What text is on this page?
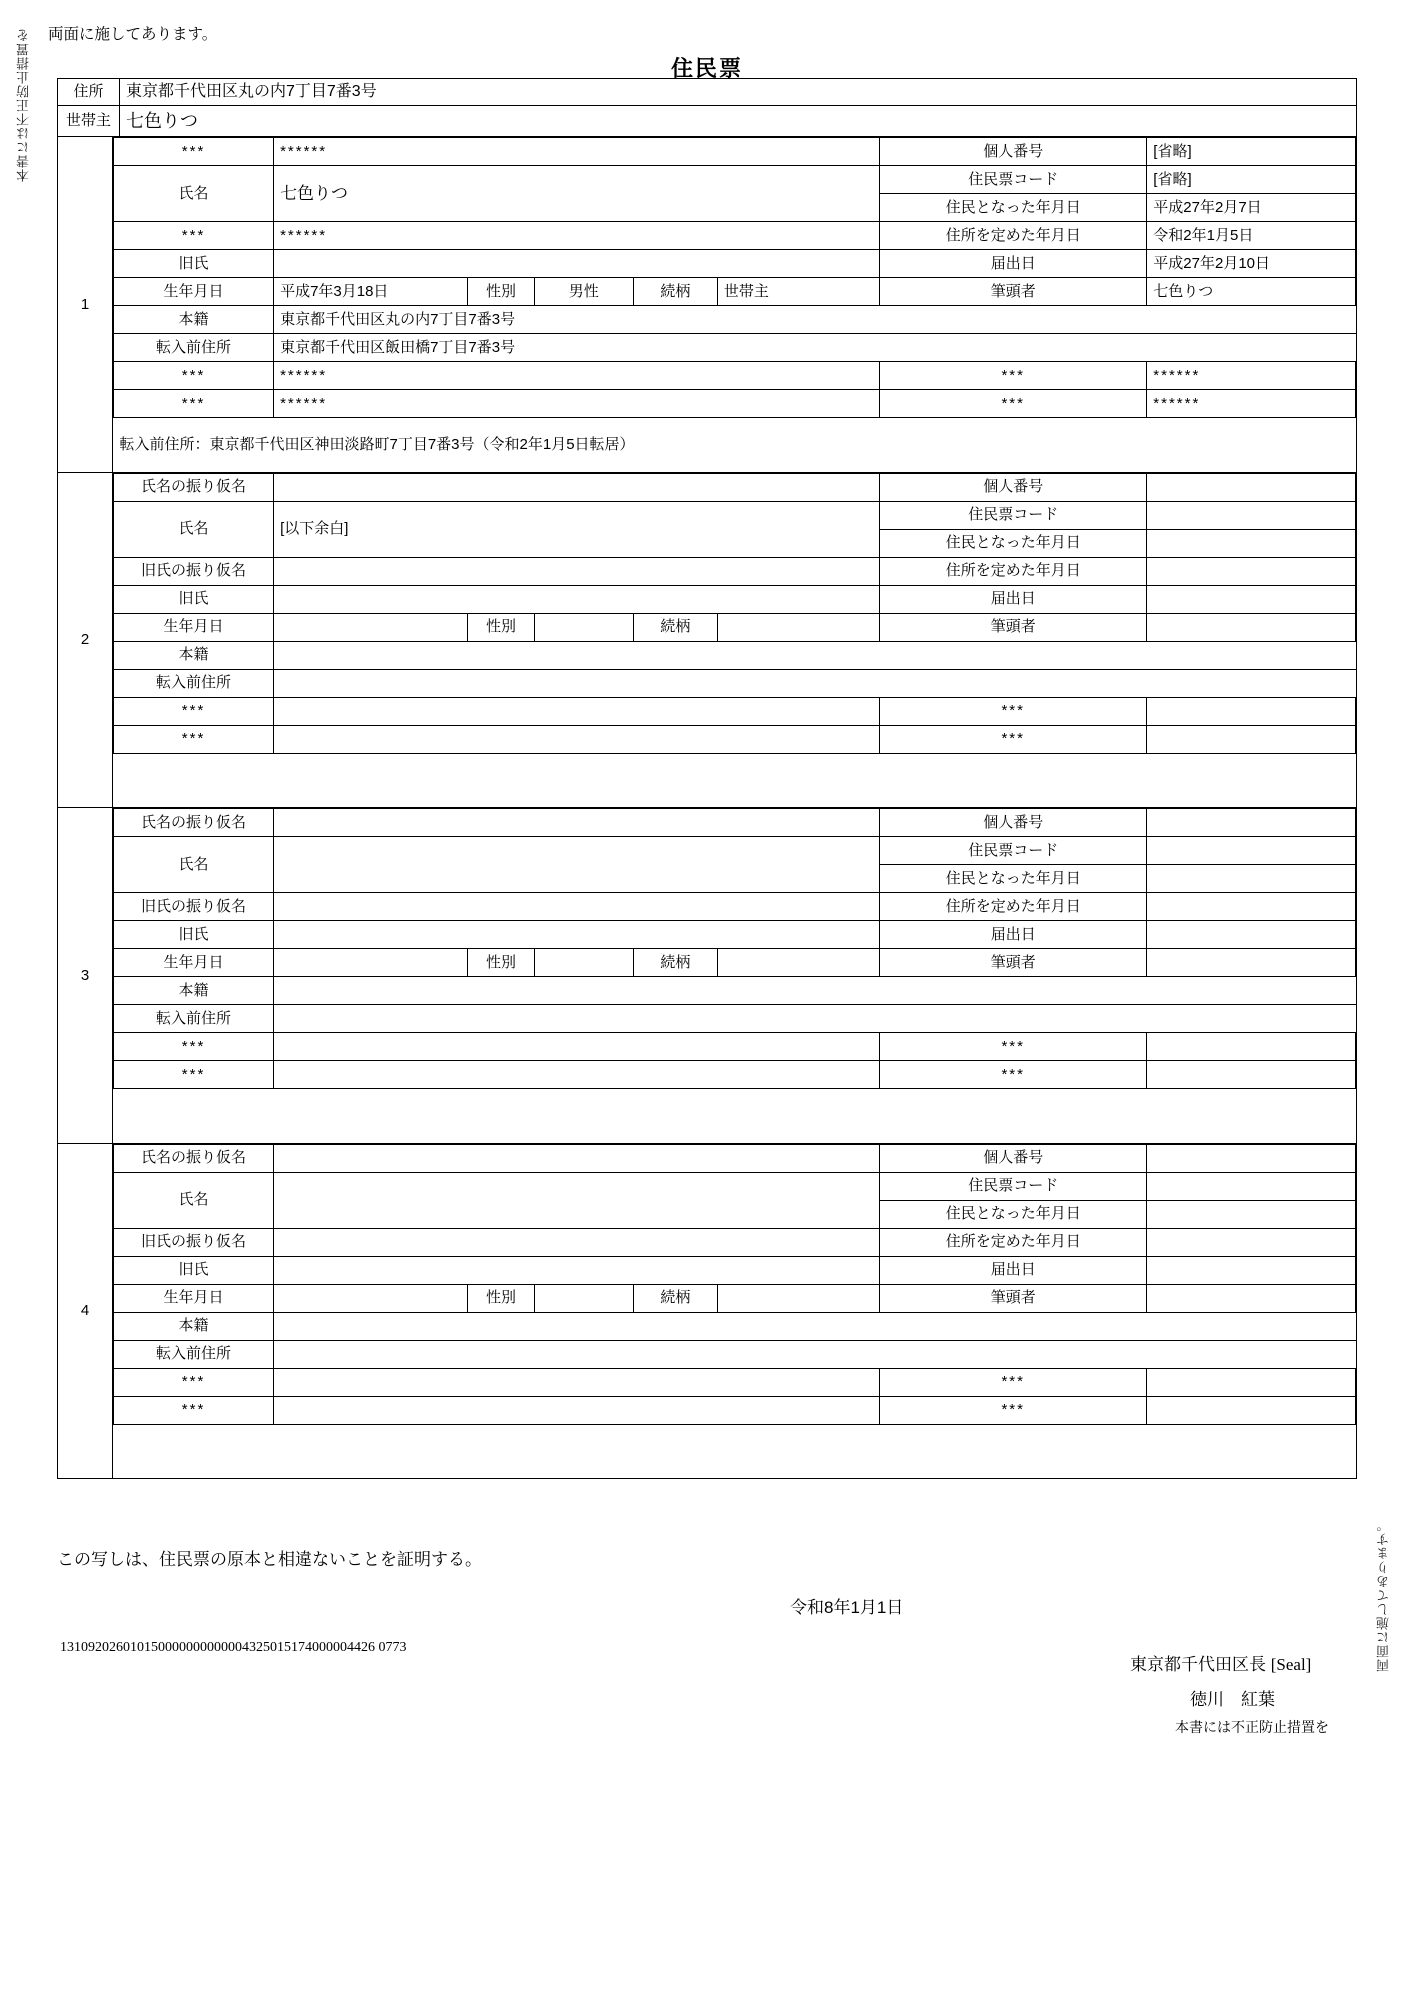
本書には不正防止措置を
両面に施してあります。
両面に施してあります。
住民票
住所	東京都千代田区丸の内7丁目7番3号
世帯主	七色りつ
1
***	******					個人番号	[省略]
氏名	七色りつ					住民票コード	[省略]
						住民となった年月日	平成27年2月7日
***	******					住所を定めた年月日	令和2年1月5日
旧氏						届出日	平成27年2月10日
生年月日	平成7年3月18日	性別	男性	続柄	世帯主	筆頭者	七色りつ
本籍	東京都千代田区丸の内7丁目7番3号						
転入前住所	東京都千代田区飯田橋7丁目7番3号						
***	******					***	******
***	******					***	******
転入前住所：東京都千代田区神田淡路町7丁目7番3号（令和2年1月5日転居）							
2
氏名の振り仮名						個人番号	
氏名	[以下余白]					住民票コード	
						住民となった年月日	
旧氏の振り仮名						住所を定めた年月日	
旧氏						届出日	
生年月日		性別		続柄		筆頭者	
本籍							
転入前住所							
***						***	
***						***	

3
氏名の振り仮名						個人番号	
氏名						住民票コード	
						住民となった年月日	
旧氏の振り仮名						住所を定めた年月日	
旧氏						届出日	
生年月日		性別		続柄		筆頭者	
本籍							
転入前住所							
***						***	
***						***	

4
氏名の振り仮名						個人番号	
氏名						住民票コード	
						住民となった年月日	
旧氏の振り仮名						住所を定めた年月日	
旧氏						届出日	
生年月日		性別		続柄		筆頭者	
本籍							
転入前住所							
***						***	
***						***	

この写しは、住民票の原本と相違ないことを証明する。
令和8年1月1日
131092026010150000000000004325015174000004426 0773
東京都千代田区長 [Seal]
徳川　紅葉
本書には不正防止措置を
